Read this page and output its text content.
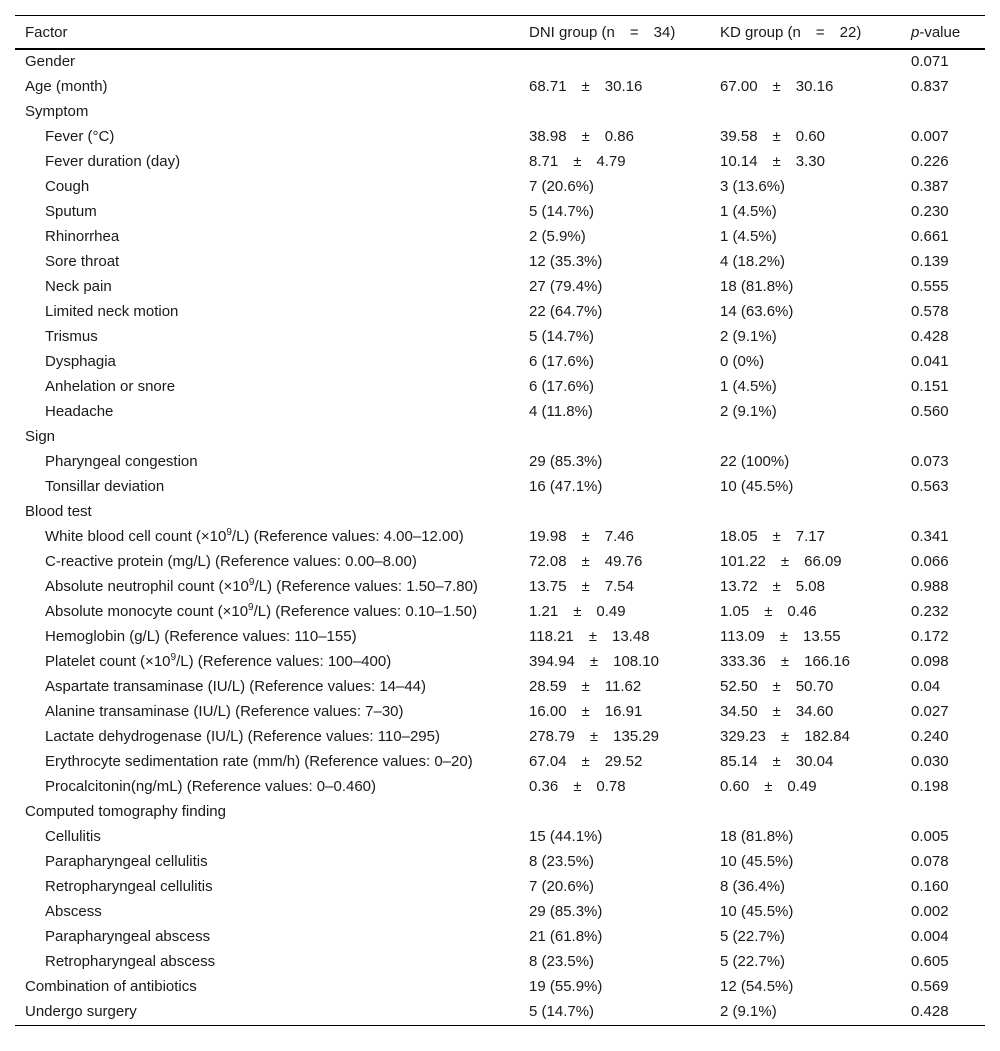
Factor	DNI group (n  =  34)	KD group (n  =  22)	p-value
Gender			0.071
Age (month)	68.71  ±  30.16	67.00  ±  30.16	0.837
Symptom			
Fever (°C)	38.98  ±  0.86	39.58  ±  0.60	0.007
Fever duration (day)	8.71  ±  4.79	10.14  ±  3.30	0.226
Cough	7 (20.6%)	3 (13.6%)	0.387
Sputum	5 (14.7%)	1 (4.5%)	0.230
Rhinorrhea	2 (5.9%)	1 (4.5%)	0.661
Sore throat	12 (35.3%)	4 (18.2%)	0.139
Neck pain	27 (79.4%)	18 (81.8%)	0.555
Limited neck motion	22 (64.7%)	14 (63.6%)	0.578
Trismus	5 (14.7%)	2 (9.1%)	0.428
Dysphagia	6 (17.6%)	0 (0%)	0.041
Anhelation or snore	6 (17.6%)	1 (4.5%)	0.151
Headache	4 (11.8%)	2 (9.1%)	0.560
Sign			
Pharyngeal congestion	29 (85.3%)	22 (100%)	0.073
Tonsillar deviation	16 (47.1%)	10 (45.5%)	0.563
Blood test			
White blood cell count $(\times 10^9/L)$ (Reference values: 4.00–12.00)	19.98  ±  7.46	18.05  ±  7.17	0.341
C-reactive protein (mg/L) (Reference values: 0.00–8.00)	72.08  ±  49.76	101.22  ±  66.09	0.066
Absolute neutrophil count $(\times 10^9/L)$ (Reference values: 1.50–7.80)	13.75  ±  7.54	13.72  ±  5.08	0.988
Absolute monocyte count $(\times 10^9/L)$ (Reference values: 0.10–1.50)	1.21  ±  0.49	1.05  ±  0.46	0.232
Hemoglobin (g/L) (Reference values: 110–155)	118.21  ±  13.48	113.09  ±  13.55	0.172
Platelet count $(\times 10^9/L)$ (Reference values: 100–400)	394.94  ±  108.10	333.36  ±  166.16	0.098
Aspartate transaminase (IU/L) (Reference values: 14–44)	28.59  ±  11.62	52.50  ±  50.70	0.04
Alanine transaminase (IU/L) (Reference values: 7–30)	16.00  ±  16.91	34.50  ±  34.60	0.027
Lactate dehydrogenase (IU/L) (Reference values: 110–295)	278.79  ±  135.29	329.23  ±  182.84	0.240
Erythrocyte sedimentation rate (mm/h) (Reference values: 0–20)	67.04  ±  29.52	85.14  ±  30.04	0.030
Procalcitonin(ng/mL) (Reference values: 0–0.460)	0.36  ±  0.78	0.60  ±  0.49	0.198
Computed tomography finding			
Cellulitis	15 (44.1%)	18 (81.8%)	0.005
Parapharyngeal cellulitis	8 (23.5%)	10 (45.5%)	0.078
Retropharyngeal cellulitis	7 (20.6%)	8 (36.4%)	0.160
Abscess	29 (85.3%)	10 (45.5%)	0.002
Parapharyngeal abscess	21 (61.8%)	5 (22.7%)	0.004
Retropharyngeal abscess	8 (23.5%)	5 (22.7%)	0.605
Combination of antibiotics	19 (55.9%)	12 (54.5%)	0.569
Undergo surgery	5 (14.7%)	2 (9.1%)	0.428
